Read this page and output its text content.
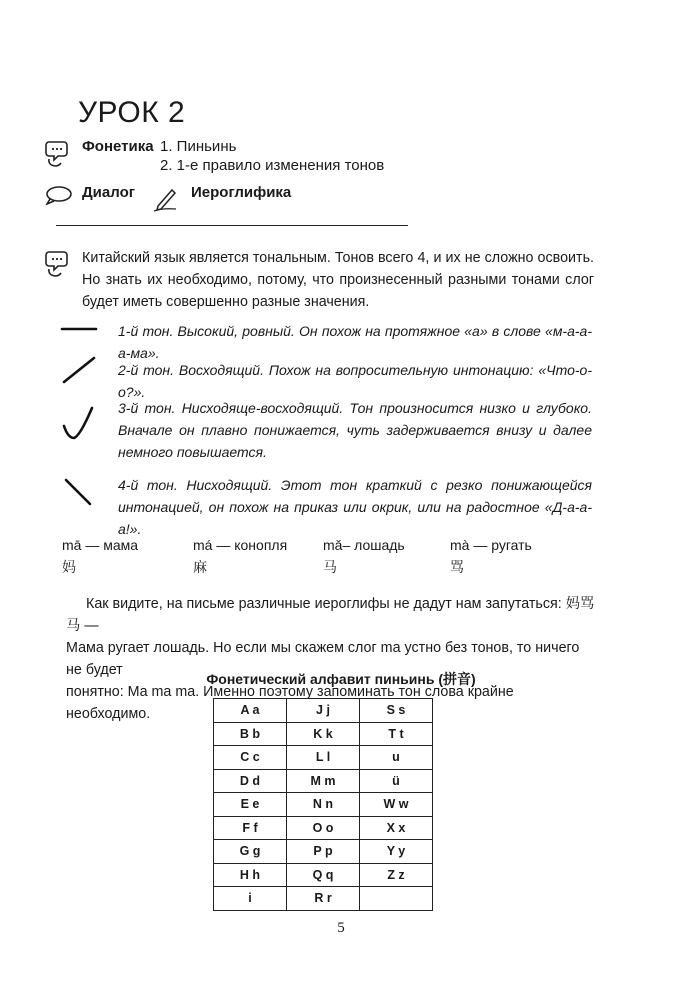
УРОК 2
Фонетика 1. Пиньинь
2. 1-е правило изменения тонов
Диалог	Иероглифика
Китайский язык является тональным. Тонов всего 4, и их не сложно освоить. Но знать их необходимо, потому, что произнесенный разными тонами слог будет иметь совершенно разные значения.
1-й тон. Высокий, ровный. Он похож на протяжное «а» в слове «м-а-а-а-ма».
2-й тон. Восходящий. Похож на вопросительную интонацию: «Что-о-о?».
3-й тон. Нисходяще-восходящий. Тон произносится низко и глубоко. Вначале он плавно понижается, чуть задерживается внизу и далее немного повышается.
4-й тон. Нисходящий. Этот тон краткий с резко понижающейся интонацией, он похож на приказ или окрик, или на радостное «Д-а-а-а!».
mā — мама
妈
má — конопля
麻
mǎ– лошадь
马
mà — ругать
骂

Как видите, на письме различные иероглифы не дадут нам запутаться: 妈骂马 —

Мама ругает лошадь. Но если мы скажем слог ma устно без тонов, то ничего не будет

понятно: Ma ma ma. Именно поэтому запоминать тон слова крайне необходимо.

Фонетический алфавит пиньинь (拼音)
A a	J j	S s
B b	K k	T t
C c	L l	u
D d	M m	ü
E e	N n	W w
F f	O o	X x
G g	P p	Y y
H h	Q q	Z z
i	R r	
5
